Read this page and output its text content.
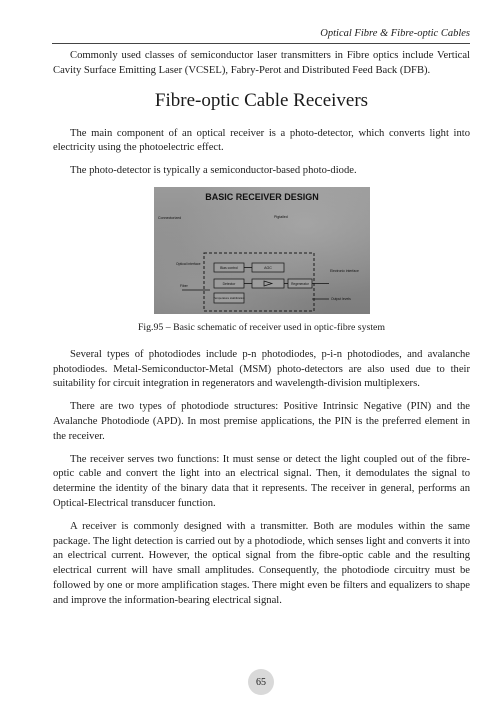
Optical Fibre & Fibre-optic Cables

Commonly used classes of semiconductor laser transmitters in Fibre optics include Vertical Cavity Surface Emitting Laser (VCSEL), Fabry-Perot and Distributed Feed Back (DFB).

Fibre-optic Cable Receivers

The main component of an optical receiver is a photo-detector, which converts light into electricity using the photoelectric effect.

The photo-detector is typically a semiconductor-based photo-diode.

BASIC RECEIVER DESIGN
Connectorized	Pigtailed
Optical interface
Fiber
Bias control	AGC
Detector	Regenerator
Temperature stabilization
Electronic interface
Output levels
Fig.95 – Basic schematic of receiver used in optic-fibre system

Several types of photodiodes include p-n photodiodes, p-i-n photodiodes, and avalanche photodiodes. Metal-Semiconductor-Metal (MSM) photo-detectors are also used due to their suitability for circuit integration in regenerators and wavelength-division multiplexers.

There are two types of photodiode structures: Positive Intrinsic Negative (PIN) and the Avalanche Photodiode (APD). In most premise applications, the PIN is the preferred element in the receiver.

The receiver serves two functions: It must sense or detect the light coupled out of the fibre-optic cable and convert the light into an electrical signal. Then, it demodulates the signal to determine the identity of the binary data that it represents. The receiver in general, performs an Optical-Electrical transducer function.

A receiver is commonly designed with a transmitter. Both are modules within the same package. The light detection is carried out by a photodiode, which senses light and converts it into an electrical current. However, the optical signal from the fibre-optic cable and the resulting electrical current will have small amplitudes. Consequently, the photodiode circuitry must be followed by one or more amplification stages. There might even be filters and equalizers to shape and improve the information-bearing electrical signal.

65
